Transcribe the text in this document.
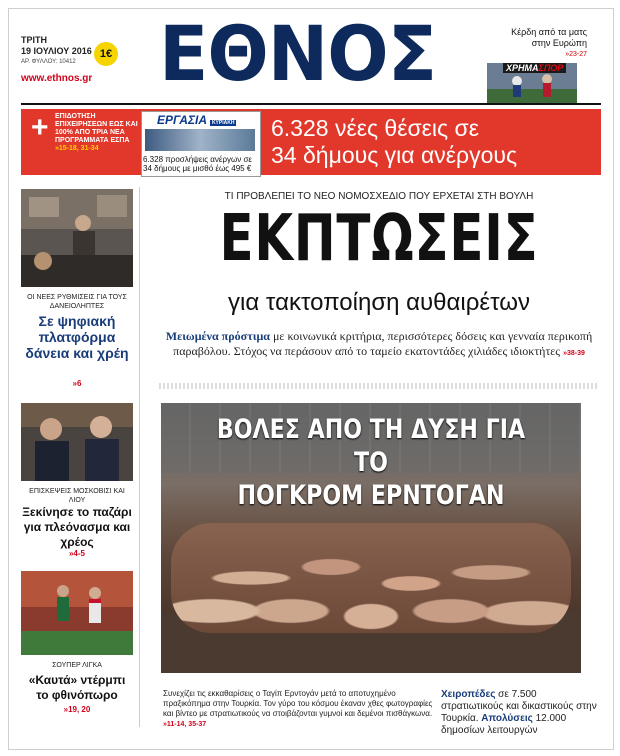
ΤΡΙΤΗ
19 ΙΟΥΛΙΟΥ 2016
ΑΡ. ΦΥΛΛΟΥ: 10412
1€
www.ethnos.gr ΕΘΝΟΣ	Κέρδη από τα ματς
στην Ευρώπη
»23-27
ΧΡΗΜΑΣΠΟΡ
+ ΕΠΙΔΟΤΗΣΗ ΕΠΙΧΕΙΡΗΣΕΩΝ ΕΩΣ ΚΑΙ 100% ΑΠΟ ΤΡΙΑ ΝΕΑ ΠΡΟΓΡΑΜΜΑΤΑ ΕΣΠΑ »15-18, 31-34
ΕΡΓΑΣΙΑ ΚΥΡΙΑΚΗ
6.328 προσλήψεις ανέργων σε 34 δήμους με μισθό έως 495 €
6.328 νέες θέσεις σε
34 δήμους για ανέργους
ΟΙ ΝΕΕΣ ΡΥΘΜΙΣΕΙΣ ΓΙΑ ΤΟΥΣ ΔΑΝΕΙΟΛΗΠΤΕΣ
Σε ψηφιακή πλατφόρμα δάνεια και χρέη
»6
ΕΠΙΣΚΕΨΕΙΣ ΜΟΣΚΟΒΙΣΙ ΚΑΙ ΛΙΟΥ
Ξεκίνησε το παζάρι για πλεόνασμα και χρέος
»4-5
ΣΟΥΠΕΡ ΛΙΓΚΑ
«Καυτά» ντέρμπι το φθινόπωρο
»19, 20
ΤΙ ΠΡΟΒΛΕΠΕΙ ΤΟ ΝΕΟ ΝΟΜΟΣΧΕΔΙΟ ΠΟΥ ΕΡΧΕΤΑΙ ΣΤΗ ΒΟΥΛΗ
ΕΚΠΤΩΣΕΙΣ
για τακτοποίηση αυθαιρέτων
Μειωμένα πρόστιμα με κοινωνικά κριτήρια, περισσότερες δόσεις και γενναία περικοπή παραβόλου. Στόχος να περάσουν από το ταμείο εκατοντάδες χιλιάδες ιδιοκτήτες »38-39
ΒΟΛΕΣ ΑΠΟ ΤΗ ΔΥΣΗ ΓΙΑ ΤΟ
ΠΟΓΚΡΟΜ ΕΡΝΤΟΓΑΝ
Συνεχίζει τις εκκαθαρίσεις ο Ταγίπ Ερντογάν μετά το αποτυχημένο πραξικόπημα στην Τουρκία. Τον γύρο του κόσμου έκαναν χθες φωτογραφίες και βίντεο με στρατιωτικούς να στοιβάζονται γυμνοί και δεμένοι πισθάγκωνα. »11-14, 35-37
Χειροπέδες σε 7.500 στρατιωτικούς και δικαστικούς στην Τουρκία. Απολύσεις 12.000 δημοσίων λειτουργών
